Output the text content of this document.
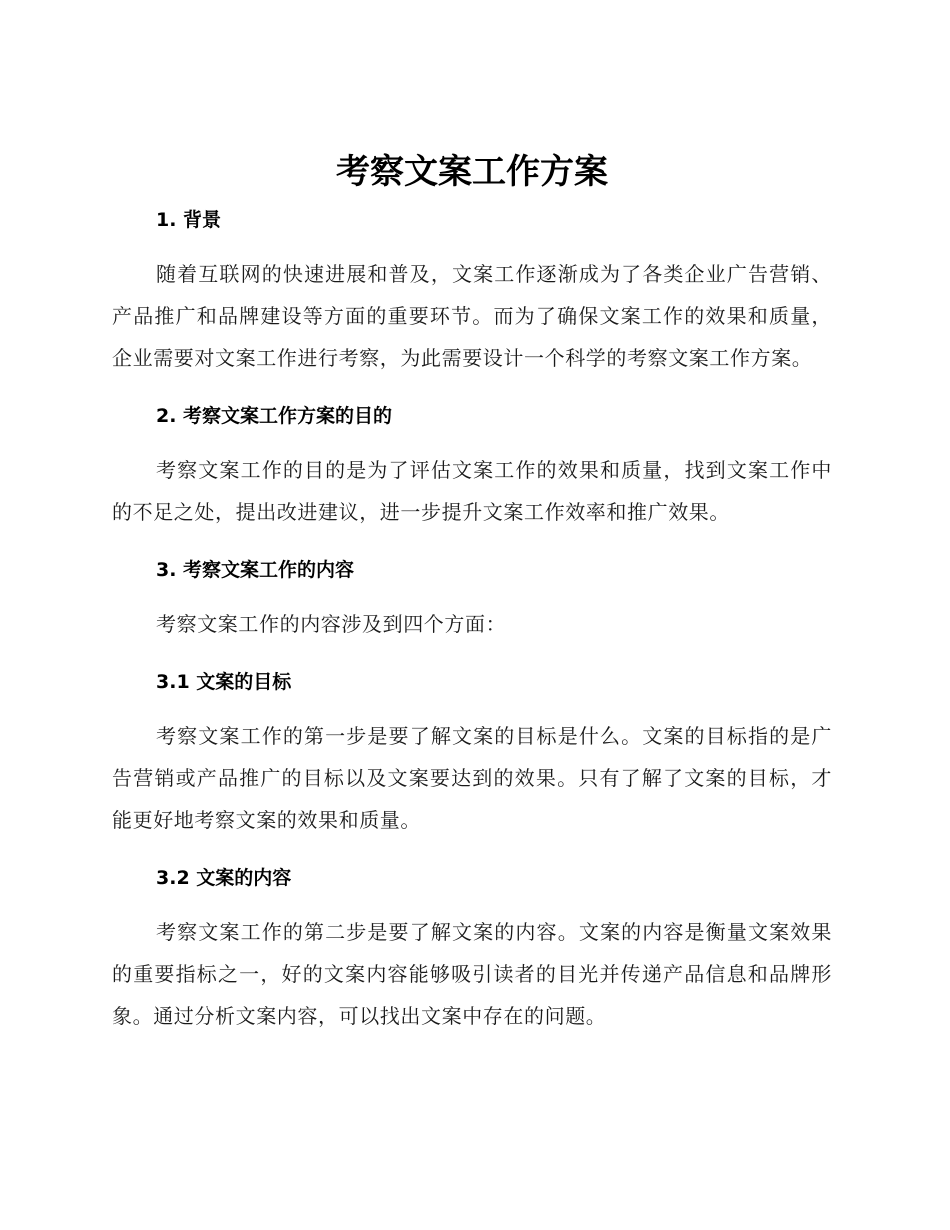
考察文案工作方案
1. 背景

随着互联网的快速进展和普及，文案工作逐渐成为了各类企业广告营销、产品推广和品牌建设等方面的重要环节。而为了确保文案工作的效果和质量，企业需要对文案工作进行考察，为此需要设计一个科学的考察文案工作方案。

2. 考察文案工作方案的目的

考察文案工作的目的是为了评估文案工作的效果和质量，找到文案工作中的不足之处，提出改进建议，进一步提升文案工作效率和推广效果。

3. 考察文案工作的内容

考察文案工作的内容涉及到四个方面：

3.1 文案的目标

考察文案工作的第一步是要了解文案的目标是什么。文案的目标指的是广告营销或产品推广的目标以及文案要达到的效果。只有了解了文案的目标，才能更好地考察文案的效果和质量。

3.2 文案的内容

考察文案工作的第二步是要了解文案的内容。文案的内容是衡量文案效果的重要指标之一，好的文案内容能够吸引读者的目光并传递产品信息和品牌形象。通过分析文案内容，可以找出文案中存在的问题。
